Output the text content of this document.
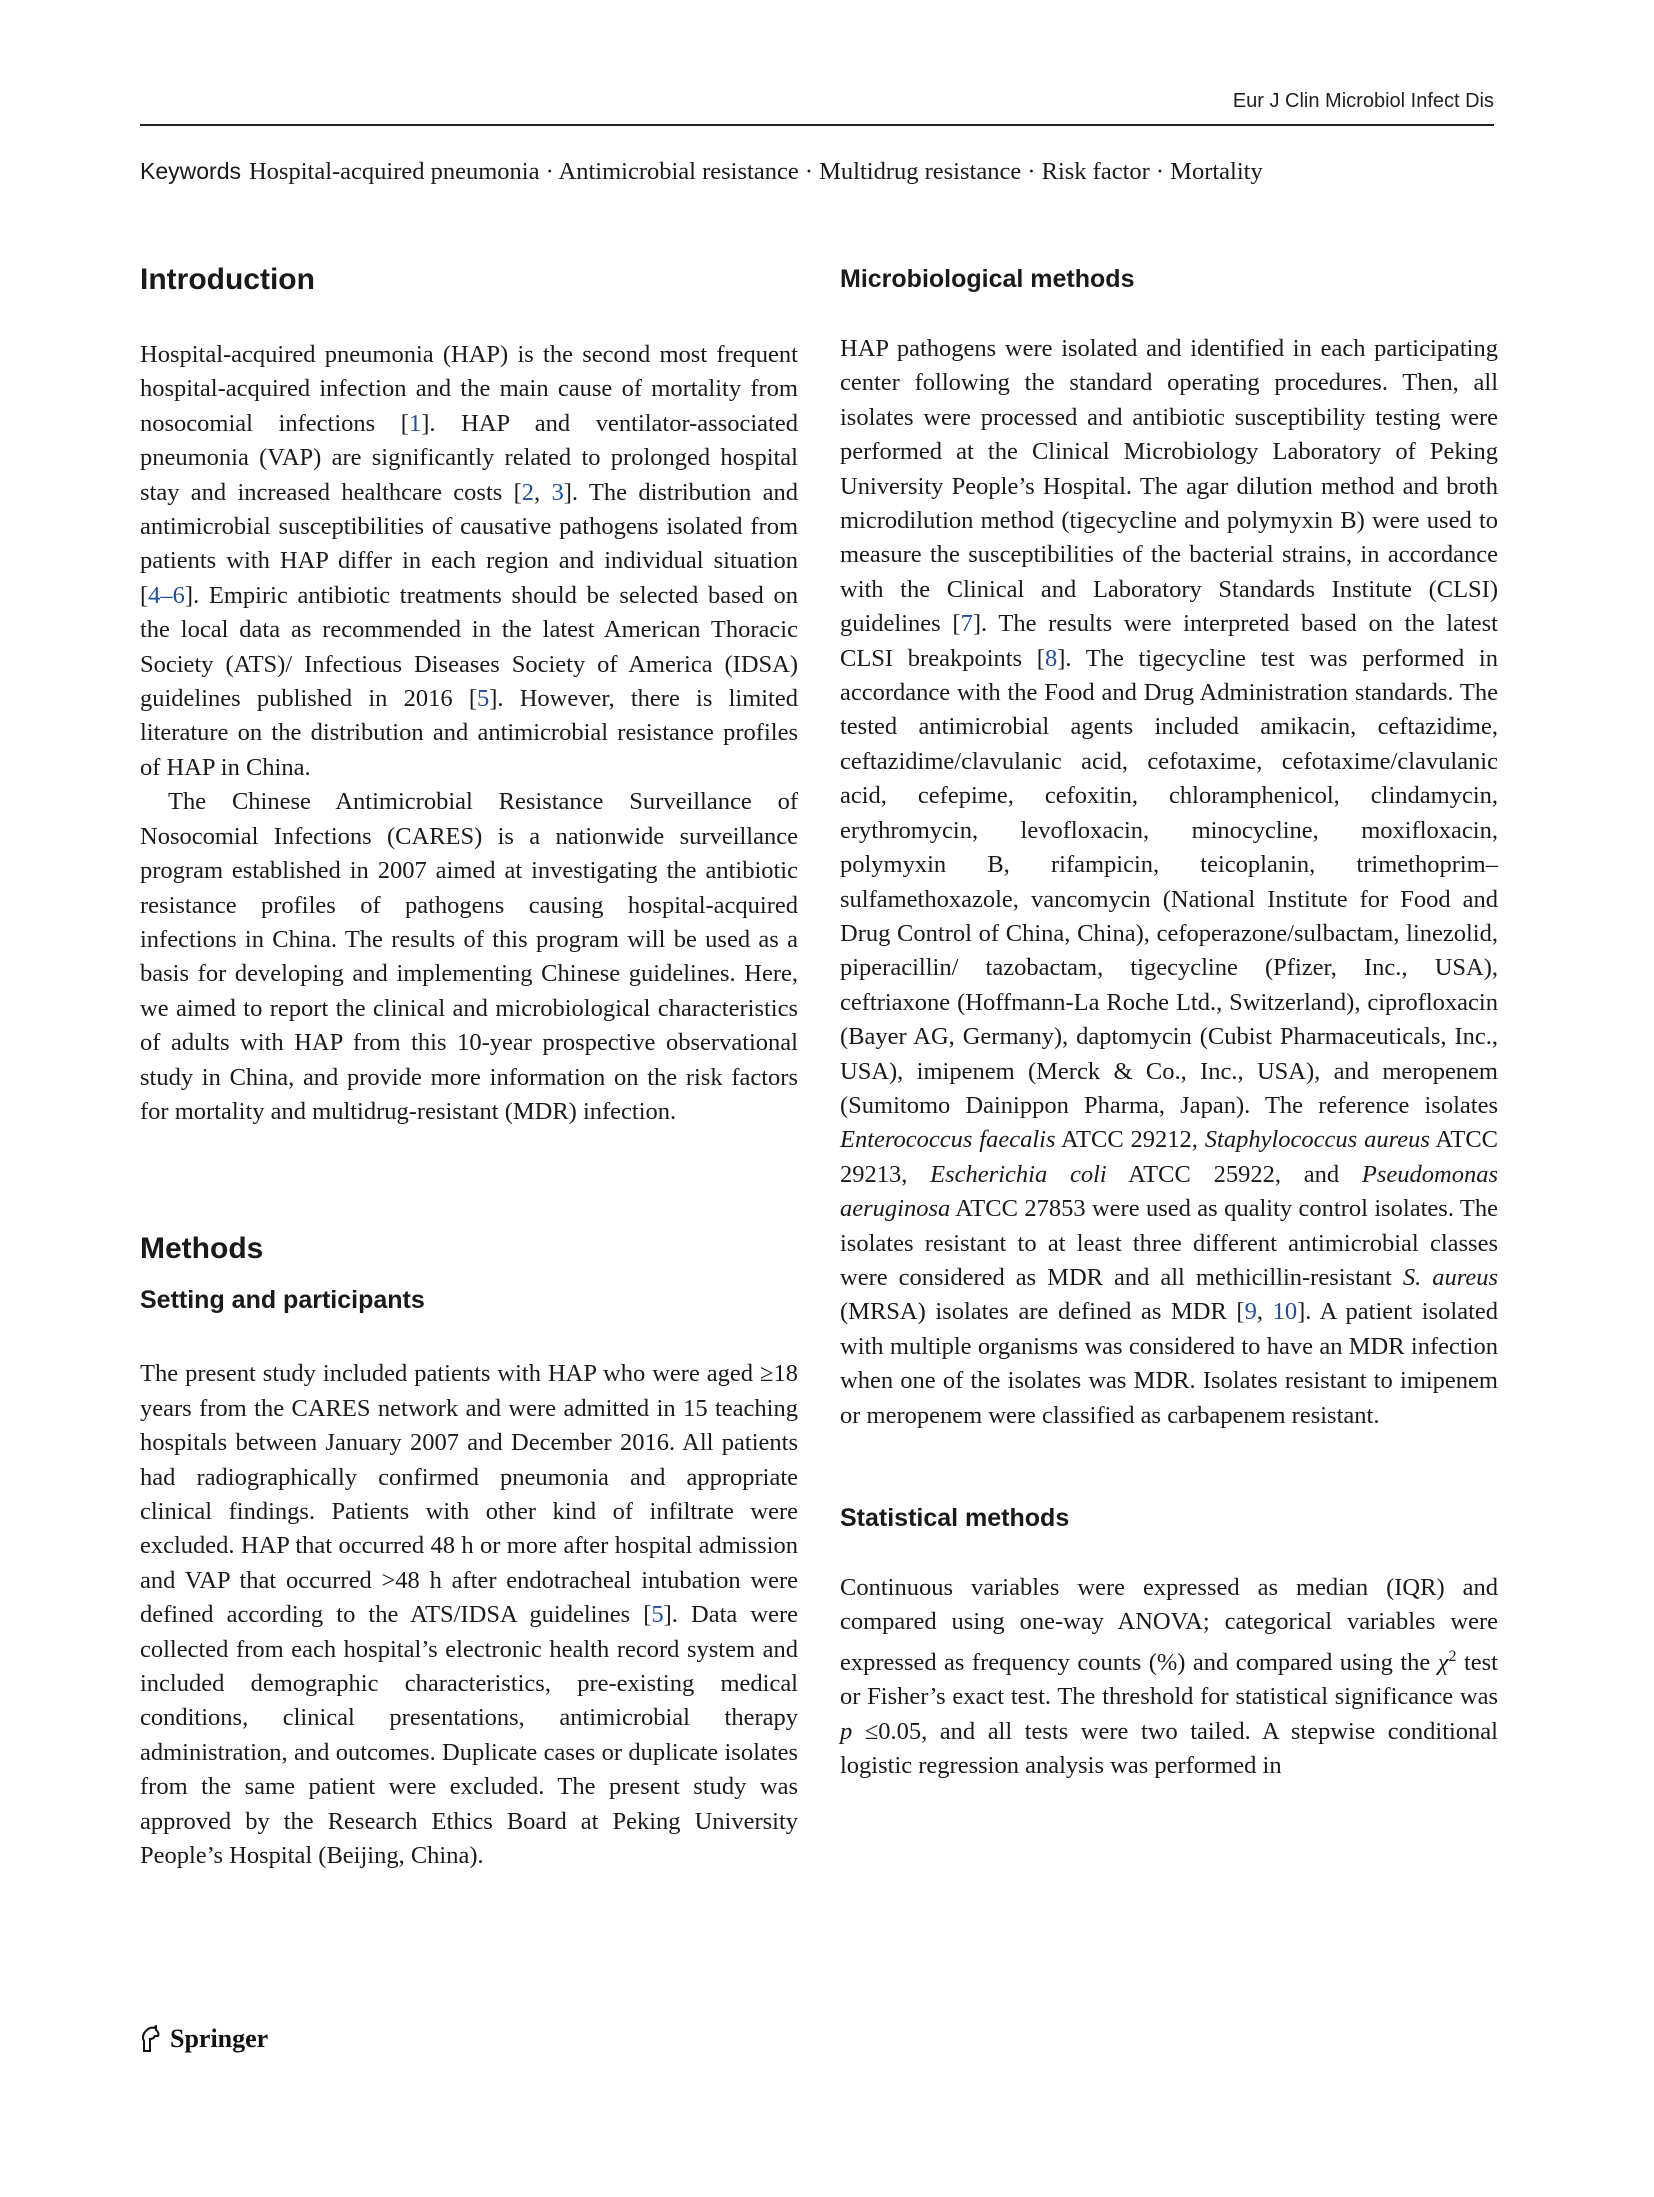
Eur J Clin Microbiol Infect Dis
Keywords Hospital-acquired pneumonia · Antimicrobial resistance · Multidrug resistance · Risk factor · Mortality
Introduction

Hospital-acquired pneumonia (HAP) is the second most frequent hospital-acquired infection and the main cause of mortality from nosocomial infections [1]. HAP and ventilator-associated pneumonia (VAP) are significantly related to prolonged hospital stay and increased healthcare costs [2, 3]. The distribution and antimicrobial susceptibilities of causative pathogens isolated from patients with HAP differ in each region and individual situation [4–6]. Empiric antibiotic treatments should be selected based on the local data as recommended in the latest American Thoracic Society (ATS)/ Infectious Diseases Society of America (IDSA) guidelines published in 2016 [5]. However, there is limited literature on the distribution and antimicrobial resistance profiles of HAP in China.

The Chinese Antimicrobial Resistance Surveillance of Nosocomial Infections (CARES) is a nationwide surveillance program established in 2007 aimed at investigating the antibiotic resistance profiles of pathogens causing hospital-acquired infections in China. The results of this program will be used as a basis for developing and implementing Chinese guidelines. Here, we aimed to report the clinical and microbiological characteristics of adults with HAP from this 10-year prospective observational study in China, and provide more information on the risk factors for mortality and multidrug-resistant (MDR) infection.

Methods
Setting and participants

The present study included patients with HAP who were aged ≥18 years from the CARES network and were admitted in 15 teaching hospitals between January 2007 and December 2016. All patients had radiographically confirmed pneumonia and appropriate clinical findings. Patients with other kind of infiltrate were excluded. HAP that occurred 48 h or more after hospital admission and VAP that occurred >48 h after endotracheal intubation were defined according to the ATS/IDSA guidelines [5]. Data were collected from each hospital’s electronic health record system and included demographic characteristics, pre-existing medical conditions, clinical presentations, antimicrobial therapy administration, and outcomes. Duplicate cases or duplicate isolates from the same patient were excluded. The present study was approved by the Research Ethics Board at Peking University People’s Hospital (Beijing, China).

Microbiological methods

HAP pathogens were isolated and identified in each participating center following the standard operating procedures. Then, all isolates were processed and antibiotic susceptibility testing were performed at the Clinical Microbiology Laboratory of Peking University People’s Hospital. The agar dilution method and broth microdilution method (tigecycline and polymyxin B) were used to measure the susceptibilities of the bacterial strains, in accordance with the Clinical and Laboratory Standards Institute (CLSI) guidelines [7]. The results were interpreted based on the latest CLSI breakpoints [8]. The tigecycline test was performed in accordance with the Food and Drug Administration standards. The tested antimicrobial agents included amikacin, ceftazidime, ceftazidime/clavulanic acid, cefotaxime, cefotaxime/clavulanic acid, cefepime, cefoxitin, chloramphenicol, clindamycin, erythromycin, levofloxacin, minocycline, moxifloxacin, polymyxin B, rifampicin, teicoplanin, trimethoprim–sulfamethoxazole, vancomycin (National Institute for Food and Drug Control of China, China), cefoperazone/sulbactam, linezolid, piperacillin/ tazobactam, tigecycline (Pfizer, Inc., USA), ceftriaxone (Hoffmann-La Roche Ltd., Switzerland), ciprofloxacin (Bayer AG, Germany), daptomycin (Cubist Pharmaceuticals, Inc., USA), imipenem (Merck & Co., Inc., USA), and meropenem (Sumitomo Dainippon Pharma, Japan). The reference isolates Enterococcus faecalis ATCC 29212, Staphylococcus aureus ATCC 29213, Escherichia coli ATCC 25922, and Pseudomonas aeruginosa ATCC 27853 were used as quality control isolates. The isolates resistant to at least three different antimicrobial classes were considered as MDR and all methicillin-resistant S. aureus (MRSA) isolates are defined as MDR [9, 10]. A patient isolated with multiple organisms was considered to have an MDR infection when one of the isolates was MDR. Isolates resistant to imipenem or meropenem were classified as carbapenem resistant.

Statistical methods

Continuous variables were expressed as median (IQR) and compared using one-way ANOVA; categorical variables were expressed as frequency counts (%) and compared using the $\chi^2$ test or Fisher’s exact test. The threshold for statistical significance was p ≤0.05, and all tests were two tailed. A stepwise conditional logistic regression analysis was performed in

Springer
